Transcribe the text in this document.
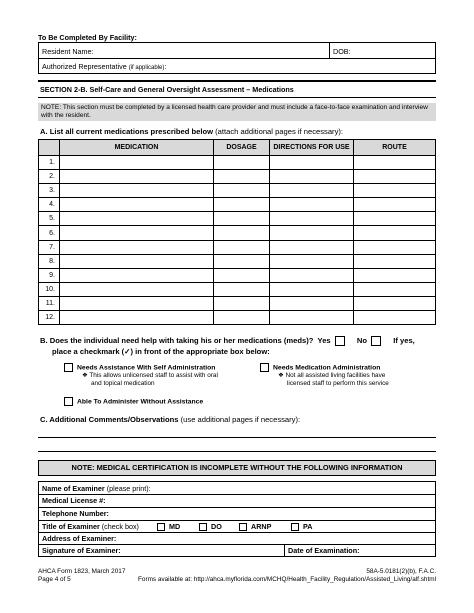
To Be Completed By Facility:
Resident Name:	DOB:
Authorized Representative (if applicable):
SECTION 2-B. Self-Care and General Oversight Assessment – Medications
NOTE: This section must be completed by a licensed health care provider and must include a face-to-face examination and interview with the resident.
A. List all current medications prescribed below (attach additional pages if necessary):
	MEDICATION	DOSAGE	DIRECTIONS FOR USE	ROUTE
1.				
2.				
3.				
4.				
5.				
6.				
7.				
8.				
9.				
10.				
11.				
12.				
B. Does the individual need help with taking his or her medications (meds)? Yes	No	If yes,
place a checkmark (✓) in front of the appropriate box below:
Needs Assistance With Self Administration
❖ This allows unlicensed staff to assist with oral
and topical medication
Needs Medication Administration
❖ Not all assisted living facilities have
licensed staff to perform this service
Able To Administer Without Assistance
C. Additional Comments/Observations (use additional pages if necessary):
NOTE: MEDICAL CERTIFICATION IS INCOMPLETE WITHOUT THE FOLLOWING INFORMATION
Name of Examiner (please print):
Medical License #:
Telephone Number:
Title of Examiner (check box)	MD	DO	ARNP	PA
Address of Examiner:
Signature of Examiner:	Date of Examination:
AHCA Form 1823, March 2017
Page 4 of 5
58A-5.0181(2)(b), F.A.C.
Forms available at: http://ahca.myflorida.com/MCHQ/Health_Facility_Regulation/Assisted_Living/alf.shtml
